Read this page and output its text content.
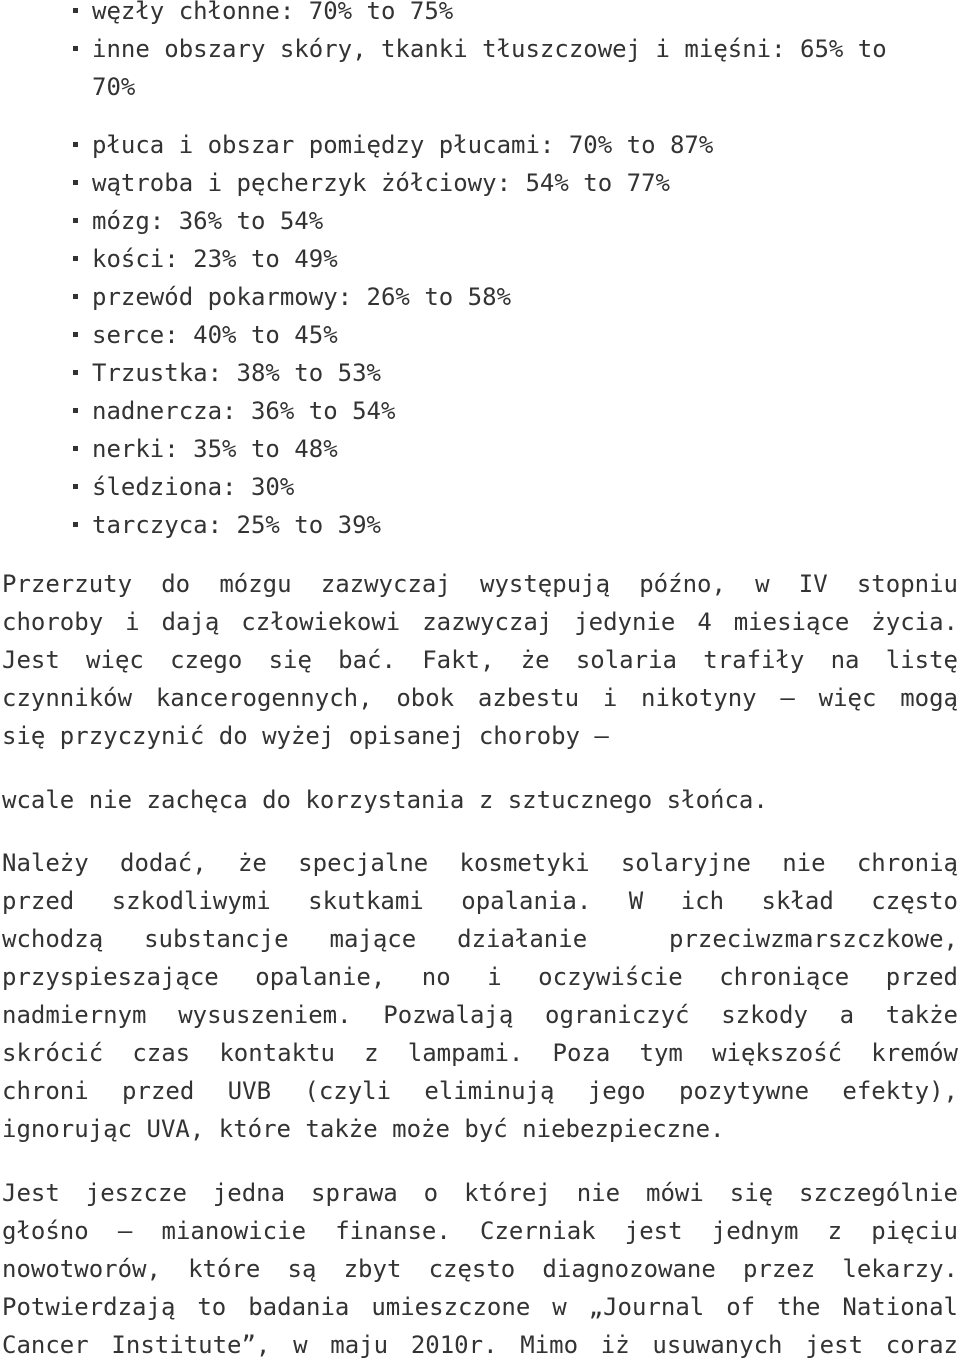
węzły chłonne: 70% to 75%
inne obszary skóry, tkanki tłuszczowej i mięśni: 65% to
70%
płuca i obszar pomiędzy płucami: 70% to 87%
wątroba i pęcherzyk żółciowy: 54% to 77%
mózg: 36% to 54%
kości: 23% to 49%
przewód pokarmowy: 26% to 58%
serce: 40% to 45%
Trzustka: 38% to 53%
nadnercza: 36% to 54%
nerki: 35% to 48%
śledziona: 30%
tarczyca: 25% to 39%
Przerzuty do mózgu zazwyczaj występują późno, w IV stopniu
choroby i dają człowiekowi zazwyczaj jedynie 4 miesiące życia.
Jest więc czego się bać. Fakt, że solaria trafiły na listę
czynników kancerogennych, obok azbestu i nikotyny – więc mogą
się przyczynić do wyżej opisanej choroby –
wcale nie zachęca do korzystania z sztucznego słońca.
Należy dodać, że specjalne kosmetyki solaryjne nie chronią
przed szkodliwymi skutkami opalania. W ich skład często
wchodzą substancje mające działanie  przeciwzmarszczkowe,
przyspieszające opalanie, no i oczywiście chroniące przed
nadmiernym wysuszeniem. Pozwalają ograniczyć szkody a także
skrócić czas kontaktu z lampami. Poza tym większość kremów
chroni przed UVB (czyli eliminują jego pozytywne efekty),
ignorując UVA, które także może być niebezpieczne.
Jest jeszcze jedna sprawa o której nie mówi się szczególnie
głośno – mianowicie finanse. Czerniak jest jednym z pięciu
nowotworów, które są zbyt często diagnozowane przez lekarzy.
Potwierdzają to badania umieszczone w „Journal of the National
Cancer Institute”, w maju 2010r. Mimo iż usuwanych jest coraz
